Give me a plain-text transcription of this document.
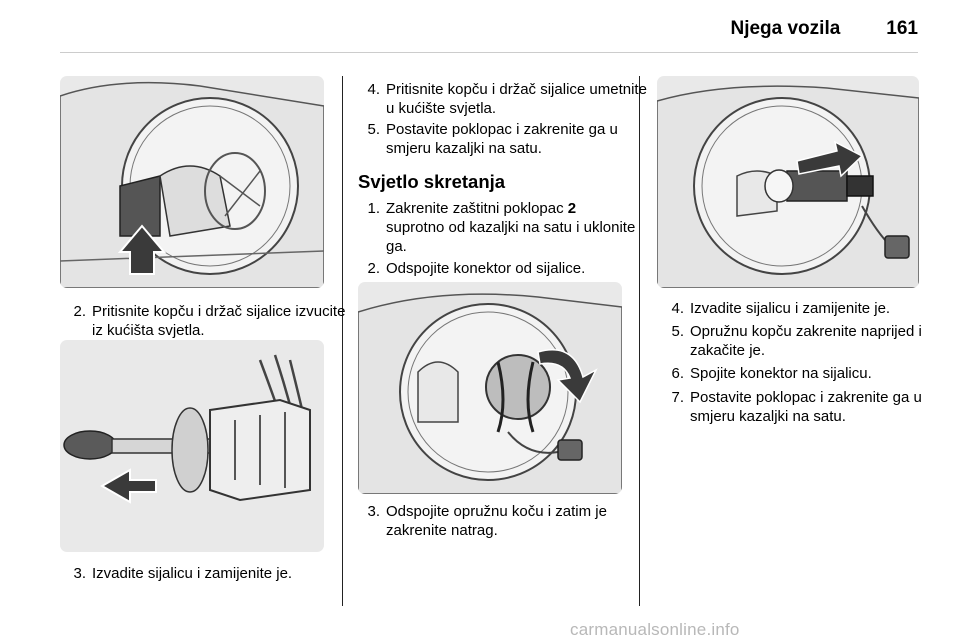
Njega vozila 161
2. Pritisnite kopču i držač sijalice izvucite iz kućišta svjetla.
3. Izvadite sijalicu i zamijenite je.
4. Pritisnite kopču i držač sijalice umetnite u kućište svjetla.
5. Postavite poklopac i zakrenite ga u smjeru kazaljki na satu.
Svjetlo skretanja
1. Zakrenite zaštitni poklopac 2
suprotno od kazaljki na satu i uklonite ga.
2. Odspojite konektor od sijalice.
3. Odspojite opružnu koču i zatim je zakrenite natrag.
4. Izvadite sijalicu i zamijenite je.
5. Opružnu kopču zakrenite naprijed i zakačite je.
6. Spojite konektor na sijalicu.
7. Postavite poklopac i zakrenite ga u smjeru kazaljki na satu.
carmanualsonline.info
